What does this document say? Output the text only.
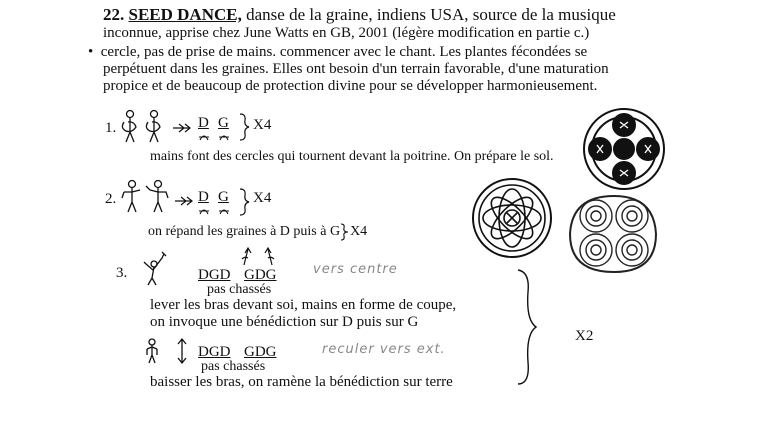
22. SEED DANCE, danse de la graine, indiens USA, source de la musique
inconnue, apprise chez June Watts en GB, 2001 (légère modification en partie c.)
• cercle, pas de prise de mains. commencer avec le chant. Les plantes fécondées se
perpétuent dans les graines. Elles ont besoin d'un terrain favorable, d'une maturation
propice et de beaucoup de protection divine pour se développer harmonieusement.
1.	D G X4
mains font des cercles qui tournent devant la poitrine. On prépare le sol.
2.	D G X4
on répand les graines à D puis à G X4
3.	DGD GDG	vers centre
pas chassés
lever les bras devant soi, mains en forme de coupe,
on invoque une bénédiction sur D puis sur G
DGD GDG	reculer vers ext.
pas chassés
baisser les bras, on ramène la bénédiction sur terre
X2
